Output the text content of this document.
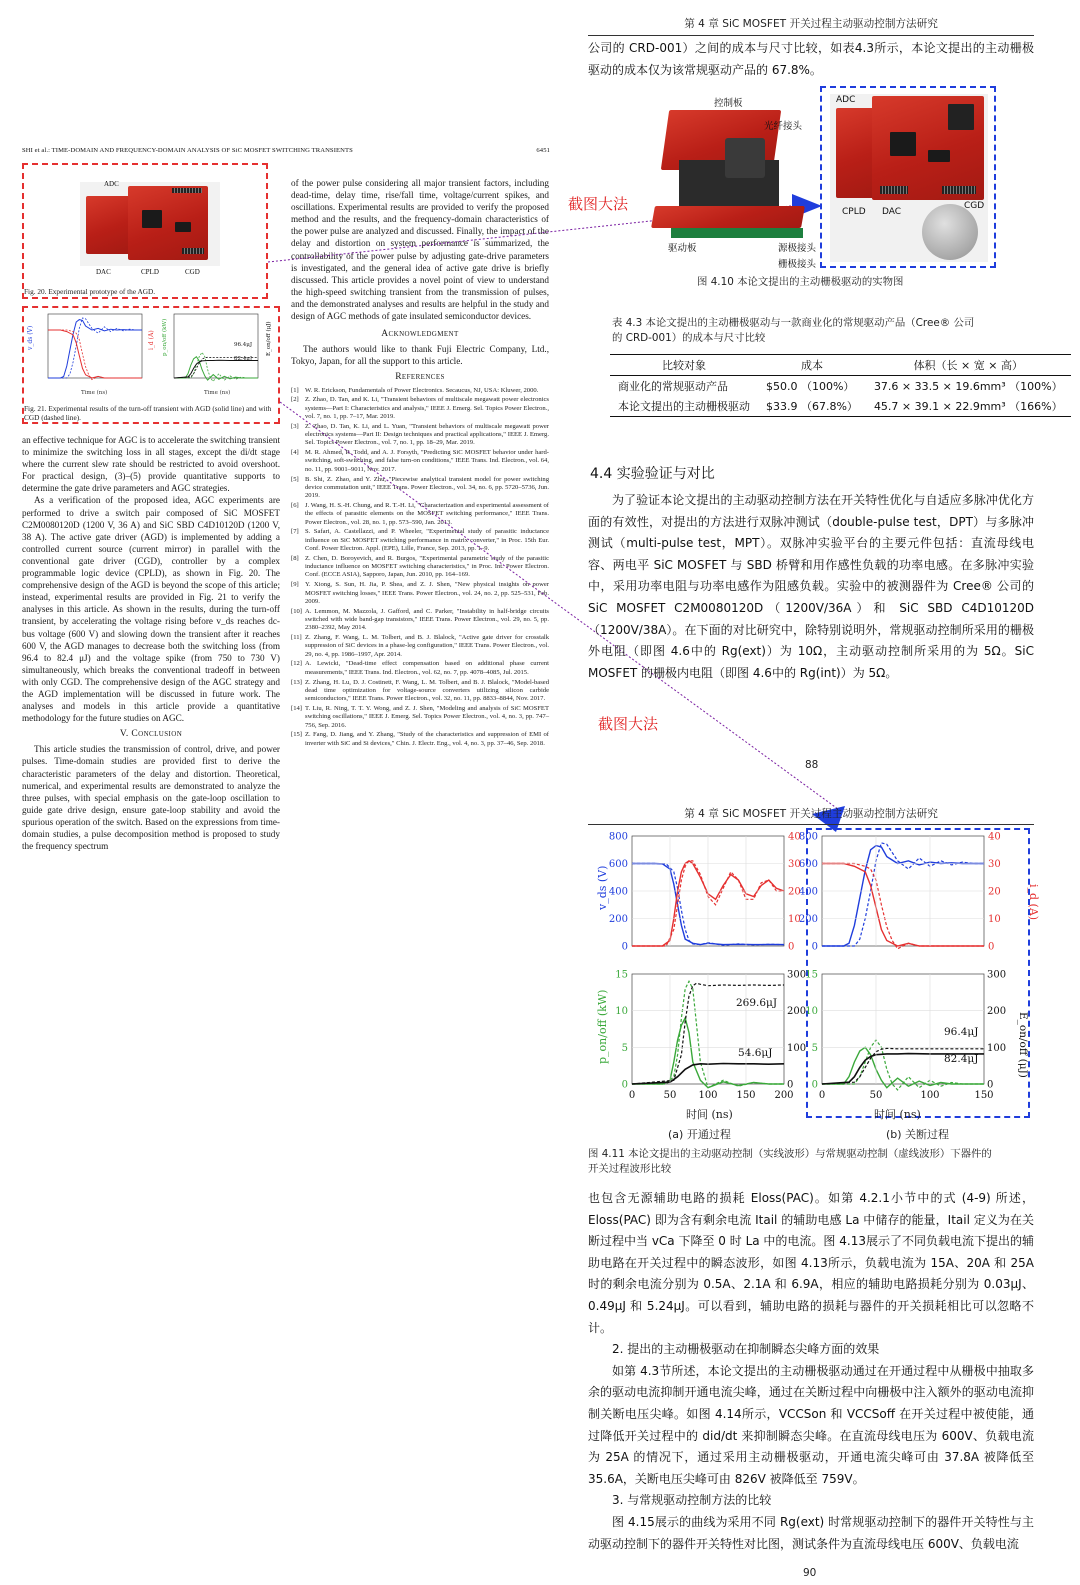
SHI et al.: TIME-DOMAIN AND FREQUENCY-DOMAIN ANALYSIS OF SiC MOSFET SWITCHING TRANSIENTS	6451
ADC
DAC	CPLD	CGD
Fig. 20. Experimental prototype of the AGD.
v_ds (V)	i_d (A)
Time (ns)
96.4μJ
82.4μJ
p_on/off (kW)	E_on/off (μJ)
Time (ns)
Fig. 21. Experimental results of the turn-off transient with AGD (solid line) and with CGD (dashed line).

an effective technique for AGC is to accelerate the switching transient to minimize the switching loss in all stages, except the di/dt stage where the current slew rate should be restricted to avoid overshoot. For practical design, (3)–(5) provide quantitative supports to determine the gate drive parameters and AGC strategies.

As a verification of the proposed idea, AGC experiments are performed to drive a switch pair composed of SiC MOSFET C2M0080120D (1200 V, 36 A) and SiC SBD C4D10120D (1200 V, 38 A). The active gate driver (AGD) is implemented by adding a controlled current source (current mirror) in parallel with the conventional gate driver (CGD), controller by a complex programmable logic device (CPLD), as shown in Fig. 20. The comprehensive design of the AGD is beyond the scope of this article; instead, experimental results are provided in Fig. 21 to verify the analyses in this article. As shown in the results, during the turn-off transient, by accelerating the voltage rising before v_ds reaches dc-bus voltage (600 V) and slowing down the transient after it reaches 600 V, the AGD manages to decrease both the switching loss (from 96.4 to 82.4 μJ) and the voltage spike (from 750 to 730 V) simultaneously, which breaks the conventional tradeoff in between with only CGD. The comprehensive design of the AGC strategy and the AGD implementation will be discussed in future work. The analyses and models in this article provide a quantitative methodology for the future studies on AGC.

V. Conclusion

This article studies the transmission of control, drive, and power pulses. Time-domain studies are provided first to derive the characteristic parameters of the delay and distortion. Theoretical, numerical, and experimental results are demonstrated to analyze the three pulses, with special emphasis on the gate-loop oscillation to guide gate drive design, ensure gate-loop stability and avoid the spurious operation of the switch. Based on the expressions from time-domain studies, a pulse decomposition method is proposed to study the frequency spectrum

of the power pulse considering all major transient factors, including dead-time, delay time, rise/fall time, voltage/current spikes, and oscillations. Experimental results are provided to verify the proposed method and the results, and the frequency-domain characteristics of the power pulse are analyzed and discussed. Finally, the impact of the delay and distortion on system performance is summarized, the controllability of the power pulse by adjusting gate-drive parameters is investigated, and the general idea of active gate drive is briefly discussed. This article provides a novel point of view to understand the high-speed switching transient from the transmission of pulses, and the demonstrated analyses and results are helpful in the study and design of AGC methods of gate insulated semiconductor devices.

Acknowledgment

The authors would like to thank Fuji Electric Company, Ltd., Tokyo, Japan, for all the support to this article.

References
[1] W. R. Erickson, Fundamentals of Power Electronics. Secaucus, NJ, USA: Kluwer, 2000.
[2] Z. Zhao, D. Tan, and K. Li, "Transient behaviors of multiscale megawatt power electronics systems—Part I: Characteristics and analysis," IEEE J. Emerg. Sel. Topics Power Electron., vol. 7, no. 1, pp. 7–17, Mar. 2019.
[3] Z. Zhao, D. Tan, K. Li, and L. Yuan, "Transient behaviors of multiscale megawatt power electronics systems—Part II: Design techniques and practical applications," IEEE J. Emerg. Sel. Topics Power Electron., vol. 7, no. 1, pp. 18–29, Mar. 2019.
[4] M. R. Ahmed, R. Todd, and A. J. Forsyth, "Predicting SiC MOSFET behavior under hard-switching, soft-switching, and false turn-on conditions," IEEE Trans. Ind. Electron., vol. 64, no. 11, pp. 9001–9011, Nov. 2017.
[5] B. Shi, Z. Zhao, and Y. Zhu, "Piecewise analytical transient model for power switching device commutation unit," IEEE Trans. Power Electron., vol. 34, no. 6, pp. 5720–5736, Jun. 2019.
[6] J. Wang, H. S.-H. Chung, and R. T.-H. Li, "Characterization and experimental assessment of the effects of parasitic elements on the MOSFET switching performance," IEEE Trans. Power Electron., vol. 28, no. 1, pp. 573–590, Jan. 2013.
[7] S. Safari, A. Castellazzi, and P. Wheeler, "Experimental study of parasitic inductance influence on SiC MOSFET switching performance in matrix converter," in Proc. 15th Eur. Conf. Power Electron. Appl. (EPE), Lille, France, Sep. 2013, pp. 1–9.
[8] Z. Chen, D. Boroyevich, and R. Burgos, "Experimental parametric study of the parasitic inductance influence on MOSFET switching characteristics," in Proc. Int. Power Electron. Conf. (ECCE ASIA), Sapporo, Japan, Jun. 2010, pp. 164–169.
[9] Y. Xiong, S. Sun, H. Jia, P. Shea, and Z. J. Shen, "New physical insights on power MOSFET switching losses," IEEE Trans. Power Electron., vol. 24, no. 2, pp. 525–531, Feb. 2009.
[10] A. Lemmon, M. Mazzola, J. Gafford, and C. Parker, "Instability in half-bridge circuits switched with wide band-gap transistors," IEEE Trans. Power Electron., vol. 29, no. 5, pp. 2380–2392, May 2014.
[11] Z. Zhang, F. Wang, L. M. Tolbert, and B. J. Blalock, "Active gate driver for crosstalk suppression of SiC devices in a phase-leg configuration," IEEE Trans. Power Electron., vol. 29, no. 4, pp. 1986–1997, Apr. 2014.
[12] A. Lewicki, "Dead-time effect compensation based on additional phase current measurements," IEEE Trans. Ind. Electron., vol. 62, no. 7, pp. 4078–4085, Jul. 2015.
[13] Z. Zhang, H. Lu, D. J. Costinett, F. Wang, L. M. Tolbert, and B. J. Blalock, "Model-based dead time optimization for voltage-source converters utilizing silicon carbide semiconductors," IEEE Trans. Power Electron., vol. 32, no. 11, pp. 8833–8844, Nov. 2017.
[14] T. Liu, R. Ning, T. T. Y. Wong, and Z. J. Shen, "Modeling and analysis of SiC MOSFET switching oscillations," IEEE J. Emerg. Sel. Topics Power Electron., vol. 4, no. 3, pp. 747–756, Sep. 2016.
[15] Z. Fang, D. Jiang, and Y. Zhang, "Study of the characteristics and suppression of EMI of inverter with SiC and Si devices," Chin. J. Electr. Eng., vol. 4, no. 3, pp. 37–46, Sep. 2018.
截图大法
截图大法
第 4 章 SiC MOSFET 开关过程主动驱动控制方法研究

公司的 CRD-001）之间的成本与尺寸比较，如表4.3所示，本论文提出的主动栅极驱动的成本仅为该常规驱动产品的 67.8%。

控制板
光纤接头
驱动板	源极接头
栅极接头
ADC
CPLD DAC
CGD
图 4.10 本论文提出的主动栅极驱动的实物图
表 4.3 本论文提出的主动栅极驱动与一款商业化的常规驱动产品（Cree® 公司
的 CRD-001）的成本与尺寸比较
比较对象	成本	体积（长 × 宽 × 高）
商业化的常规驱动产品	$50.0 （100%）	37.6 × 33.5 × 19.6mm³ （100%）
本论文提出的主动栅极驱动	$33.9 （67.8%）	45.7 × 39.1 × 22.9mm³ （166%）
4.4 实验验证与对比

为了验证本论文提出的主动驱动控制方法在开关特性优化与自适应多脉冲优化方面的有效性，对提出的方法进行双脉冲测试（double-pulse test，DPT）与多脉冲测试（multi-pulse test，MPT）。双脉冲实验平台的主要元件包括：直流母线电容、两电平 SiC MOSFET 与 SBD 桥臂和用作感性负载的功率电感。在多脉冲实验中，采用功率电阻与功率电感作为阻感负载。实验中的被测器件为 Cree® 公司的 SiC MOSFET C2M0080120D（1200V/36A）和 SiC SBD C4D10120D（1200V/38A）。在下面的对比研究中，除特别说明外，常规驱动控制所采用的栅极外电阻（即图 4.6中的 Rg(ext)）为 10Ω，主动驱动控制所采用的为 5Ω。SiC MOSFET 的栅极内电阻（即图 4.6中的 Rg(int)）为 5Ω。

88
第 4 章 SiC MOSFET 开关过程主动驱动控制方法研究
269.6μJ
54.6μJ
96.4μJ
82.4μJ
0	0
200	200
400	400
600	600
800	800
0	0
10	10
20	20
30	30
40	40
0	0
5	5
10	10
15	15
0	0
100	100
200	200
300	300
0	50 100 150 200	0	50	100	150
v_ds (V)	i_d (A)
p_on/off (kW)	E_on/off (μJ)
时间 (ns)	时间 (ns)
(a) 开通过程	(b) 关断过程
图 4.11 本论文提出的主动驱动控制（实线波形）与常规驱动控制（虚线波形）下器件的
开关过程波形比较

也包含无源辅助电路的损耗 Eloss(PAC)。如第 4.2.1小节中的式 (4-9) 所述，Eloss(PAC) 即为含有剩余电流 Itail 的辅助电感 La 中储存的能量，Itail 定义为在关断过程中当 vCa 下降至 0 时 La 中的电流。图 4.13展示了不同负载电流下提出的辅助电路在开关过程中的瞬态波形，如图 4.13所示，负载电流为 15A、20A 和 25A 时的剩余电流分别为 0.5A、2.1A 和 6.9A，相应的辅助电路损耗分别为 0.03μJ、0.49μJ 和 5.24μJ。可以看到，辅助电路的损耗与器件的开关损耗相比可以忽略不计。

2. 提出的主动栅极驱动在抑制瞬态尖峰方面的效果

如第 4.3节所述，本论文提出的主动栅极驱动通过在开通过程中从栅极中抽取多余的驱动电流抑制开通电流尖峰，通过在关断过程中向栅极中注入额外的驱动电流抑制关断电压尖峰。如图 4.14所示，VCCSon 和 VCCSoff 在开关过程中被使能，通过降低开关过程中的 did/dt 来抑制瞬态尖峰。在直流母线电压为 600V、负载电流为 25A 的情况下，通过采用主动栅极驱动，开通电流尖峰可由 37.8A 被降低至 35.6A，关断电压尖峰可由 826V 被降低至 759V。

3. 与常规驱动控制方法的比较

图 4.15展示的曲线为采用不同 Rg(ext) 时常规驱动控制下的器件开关特性与主动驱动控制下的器件开关特性对比图，测试条件为直流母线电压 600V、负载电流

90
